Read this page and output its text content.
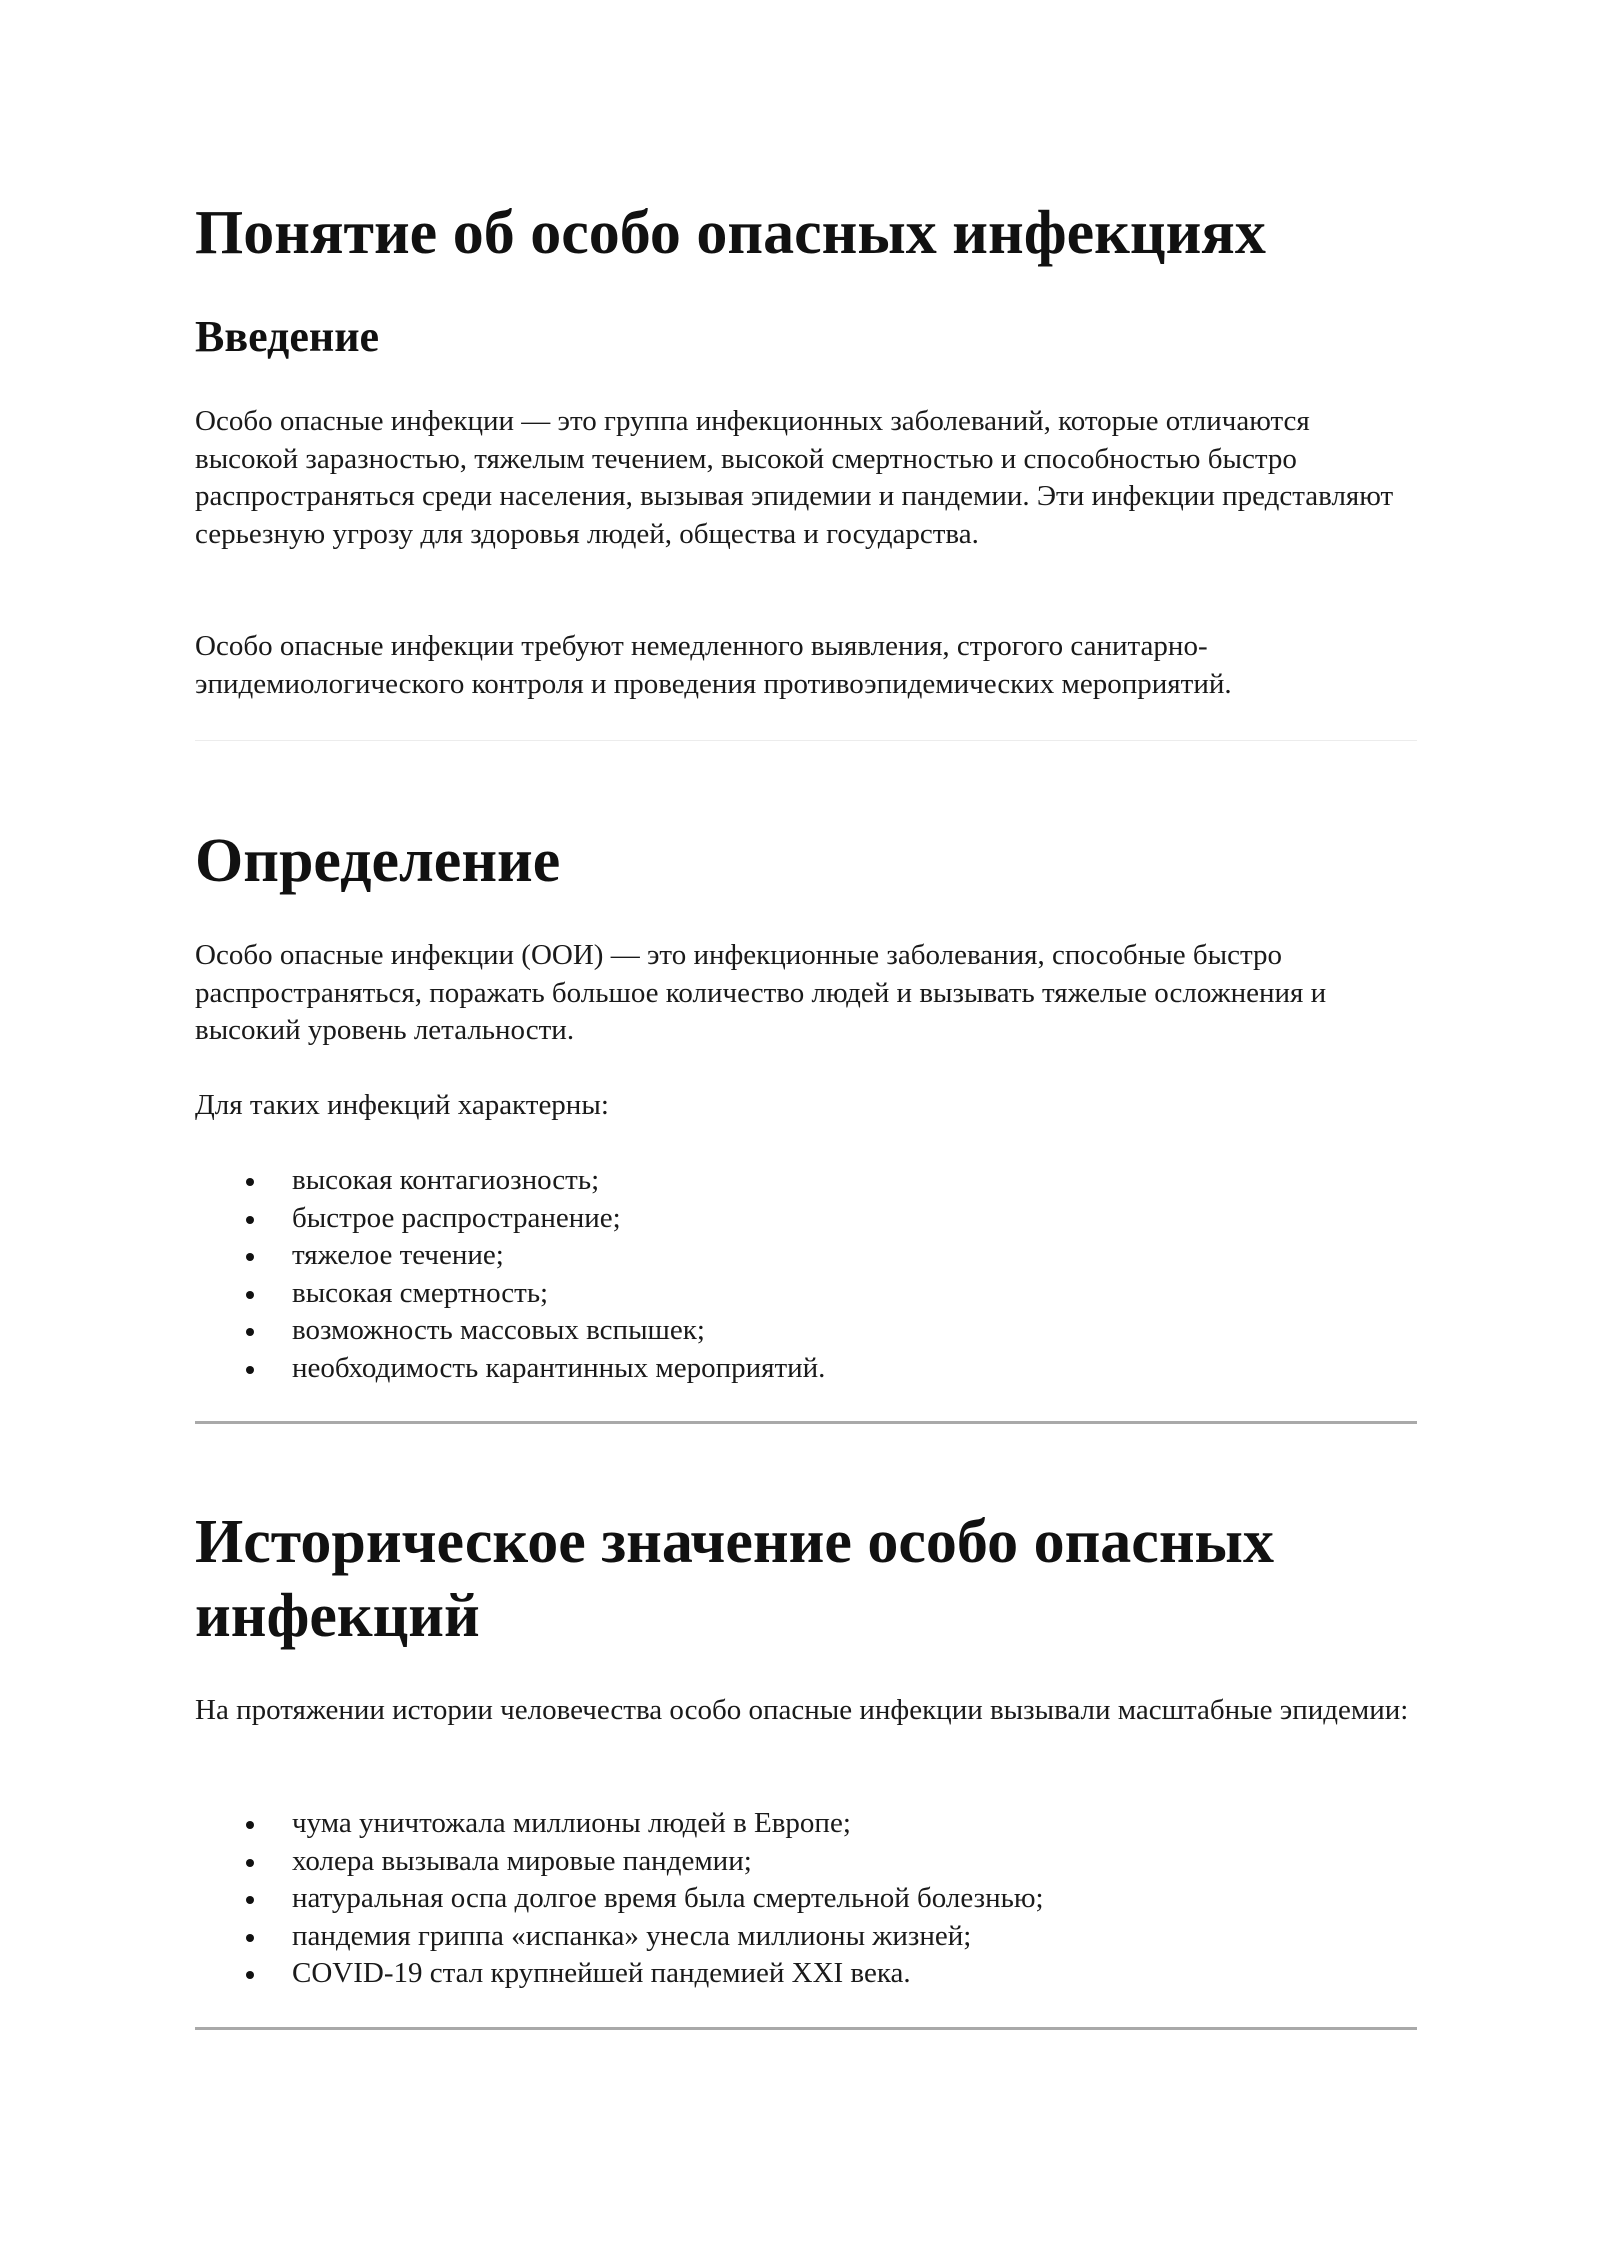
Понятие об особо опасных инфекциях
Введение

Особо опасные инфекции — это группа инфекционных заболеваний, которые отличаются высокой заразностью, тяжелым течением, высокой смертностью и способностью быстро распространяться среди населения, вызывая эпидемии и пандемии. Эти инфекции представляют серьезную угрозу для здоровья людей, общества и государства.

Особо опасные инфекции требуют немедленного выявления, строгого санитарно-эпидемиологического контроля и проведения противоэпидемических мероприятий.

Определение

Особо опасные инфекции (ООИ) — это инфекционные заболевания, способные быстро распространяться, поражать большое количество людей и вызывать тяжелые осложнения и высокий уровень летальности.

Для таких инфекций характерны:

высокая контагиозность;
быстрое распространение;
тяжелое течение;
высокая смертность;
возможность массовых вспышек;
необходимость карантинных мероприятий.
Историческое значение особо опасных инфекций

На протяжении истории человечества особо опасные инфекции вызывали масштабные эпидемии:

чума уничтожала миллионы людей в Европе;
холера вызывала мировые пандемии;
натуральная оспа долгое время была смертельной болезнью;
пандемия гриппа «испанка» унесла миллионы жизней;
COVID-19 стал крупнейшей пандемией XXI века.
